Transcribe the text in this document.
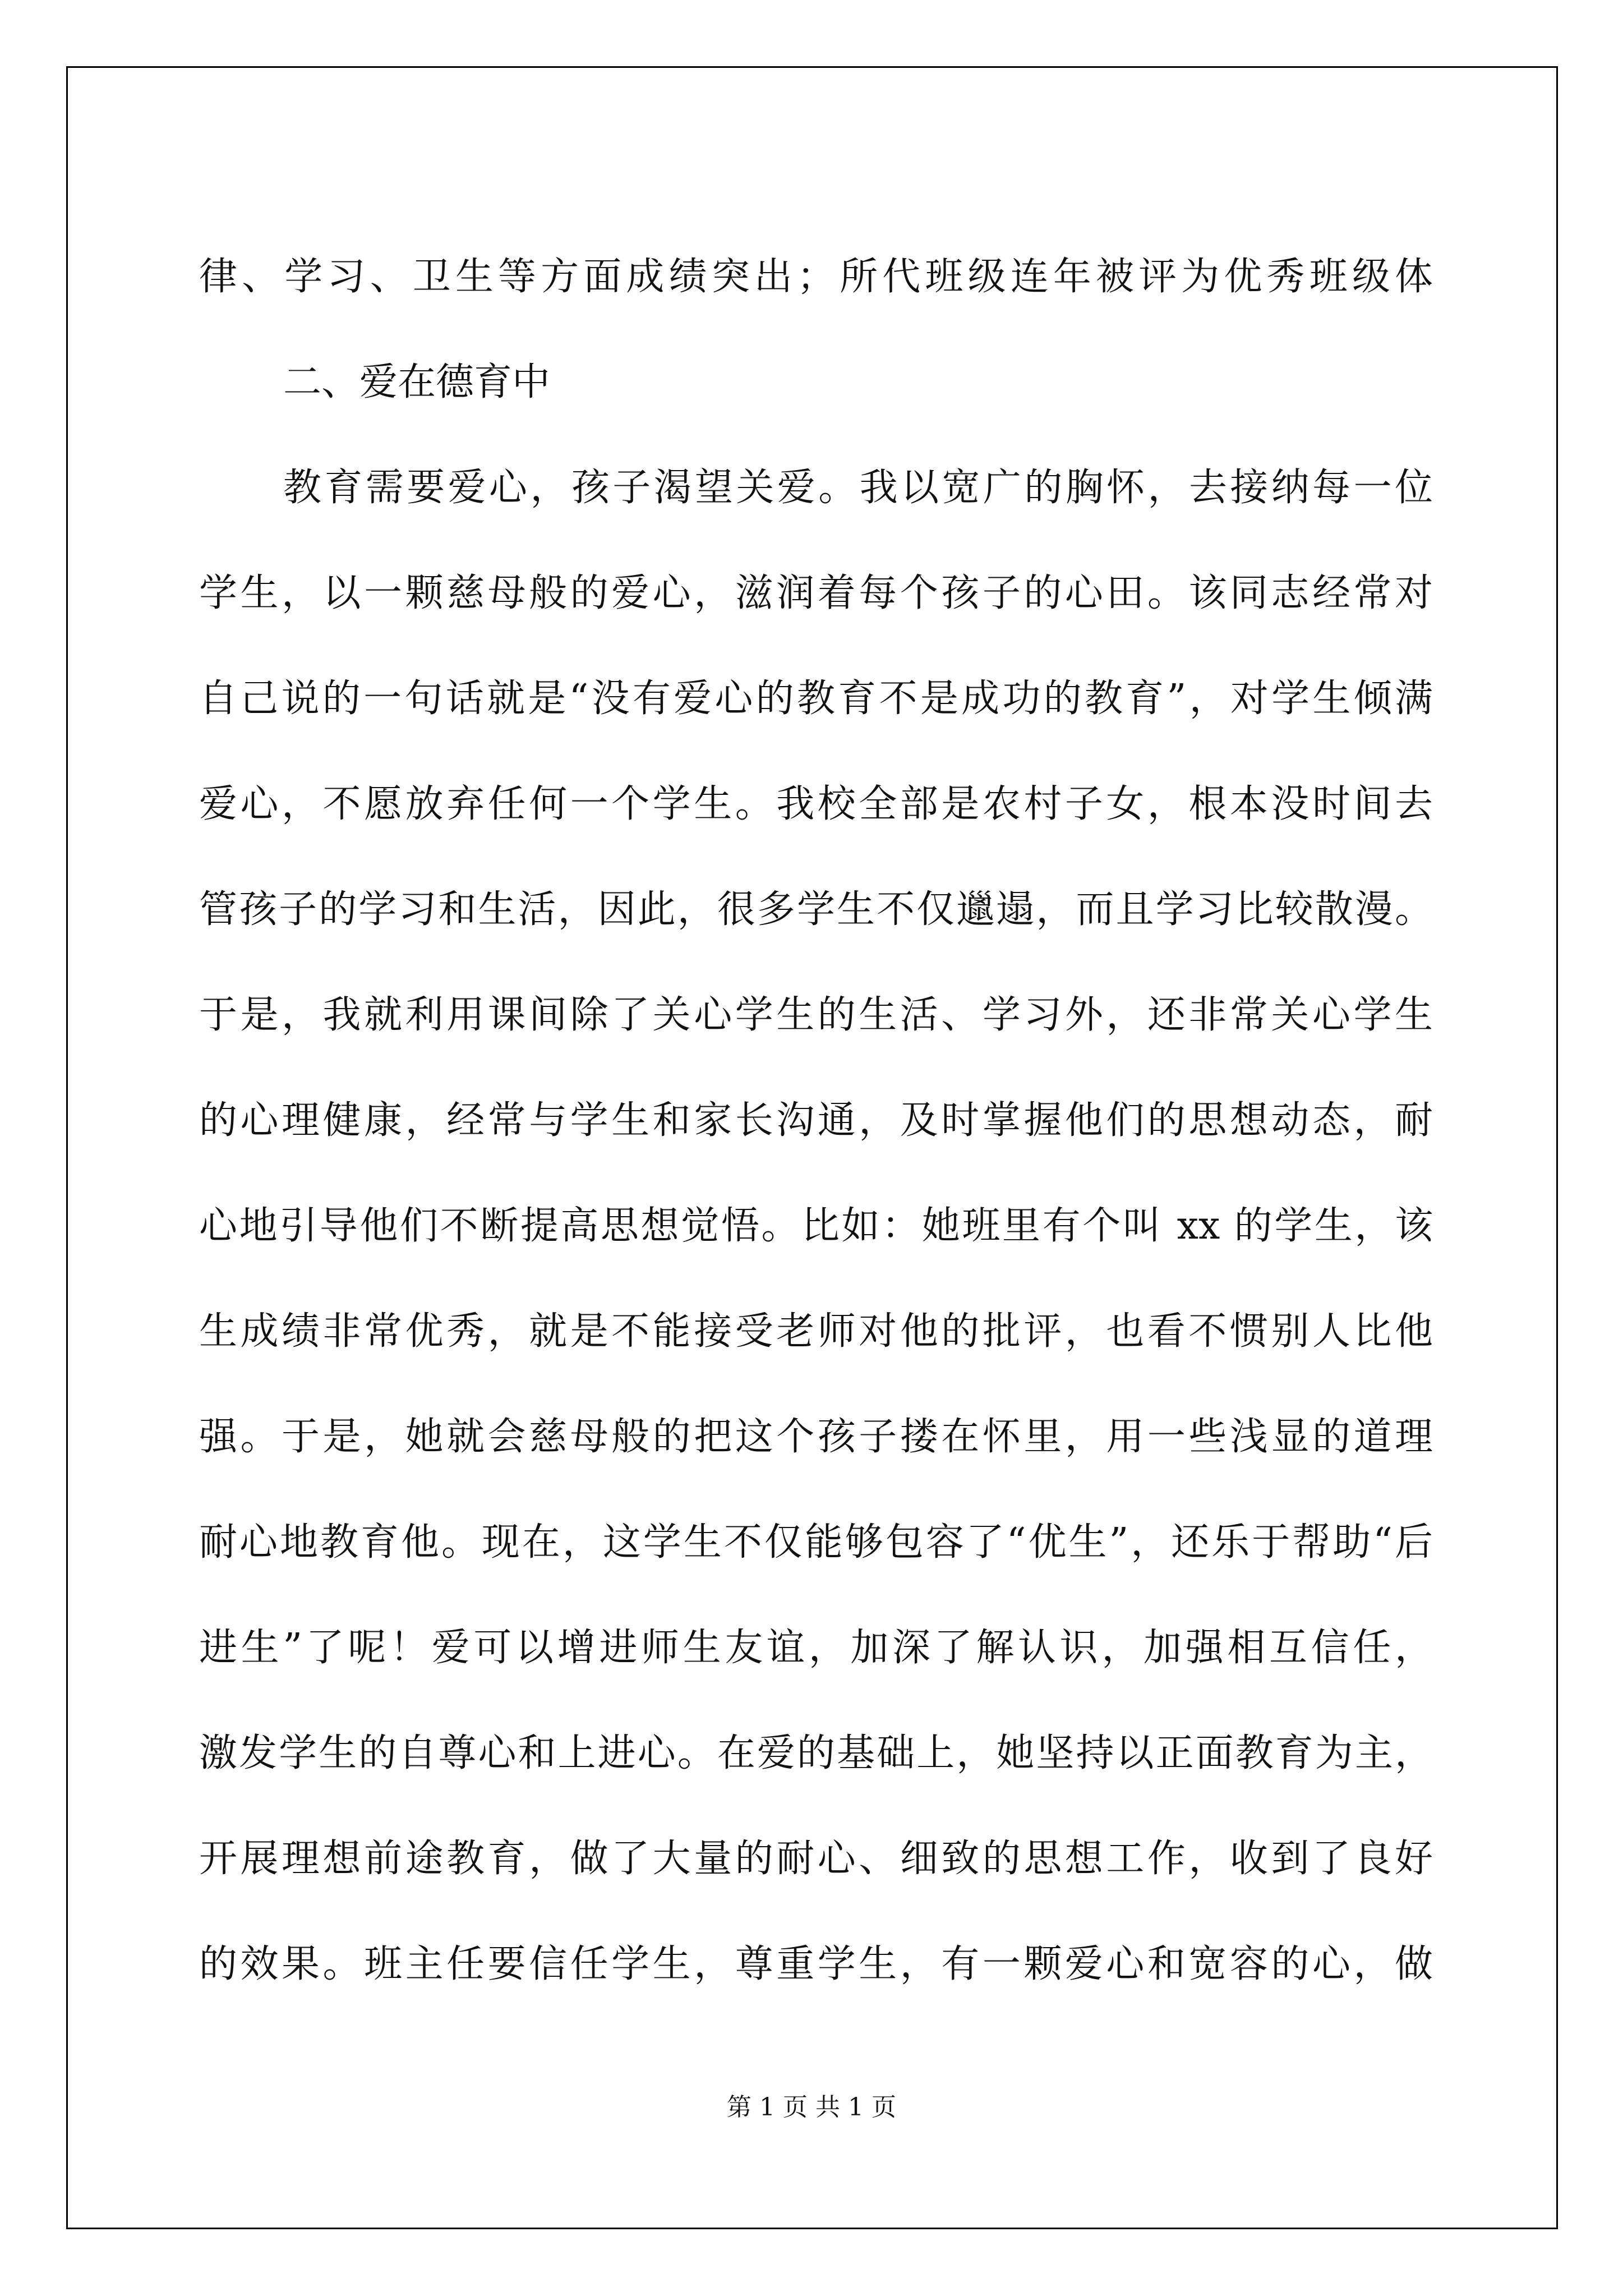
律、学习、卫生等方面成绩突出；所代班级连年被评为优秀班级体
二、爱在德育中
教育需要爱心，孩子渴望关爱。我以宽广的胸怀，去接纳每一位
学生，以一颗慈母般的爱心，滋润着每个孩子的心田。该同志经常对
自己说的一句话就是“没有爱心的教育不是成功的教育”，对学生倾满
爱心，不愿放弃任何一个学生。我校全部是农村子女，根本没时间去
管孩子的学习和生活，因此，很多学生不仅邋遢，而且学习比较散漫。
于是，我就利用课间除了关心学生的生活、学习外，还非常关心学生
的心理健康，经常与学生和家长沟通，及时掌握他们的思想动态，耐
心地引导他们不断提高思想觉悟。比如：她班里有个叫 xx 的学生，该
生成绩非常优秀，就是不能接受老师对他的批评，也看不惯别人比他
强。于是，她就会慈母般的把这个孩子搂在怀里，用一些浅显的道理
耐心地教育他。现在，这学生不仅能够包容了“优生”，还乐于帮助“后
进生”了呢！爱可以增进师生友谊，加深了解认识，加强相互信任，
激发学生的自尊心和上进心。在爱的基础上，她坚持以正面教育为主，
开展理想前途教育，做了大量的耐心、细致的思想工作，收到了良好
的效果。班主任要信任学生，尊重学生，有一颗爱心和宽容的心，做
第 1 页 共 1 页
